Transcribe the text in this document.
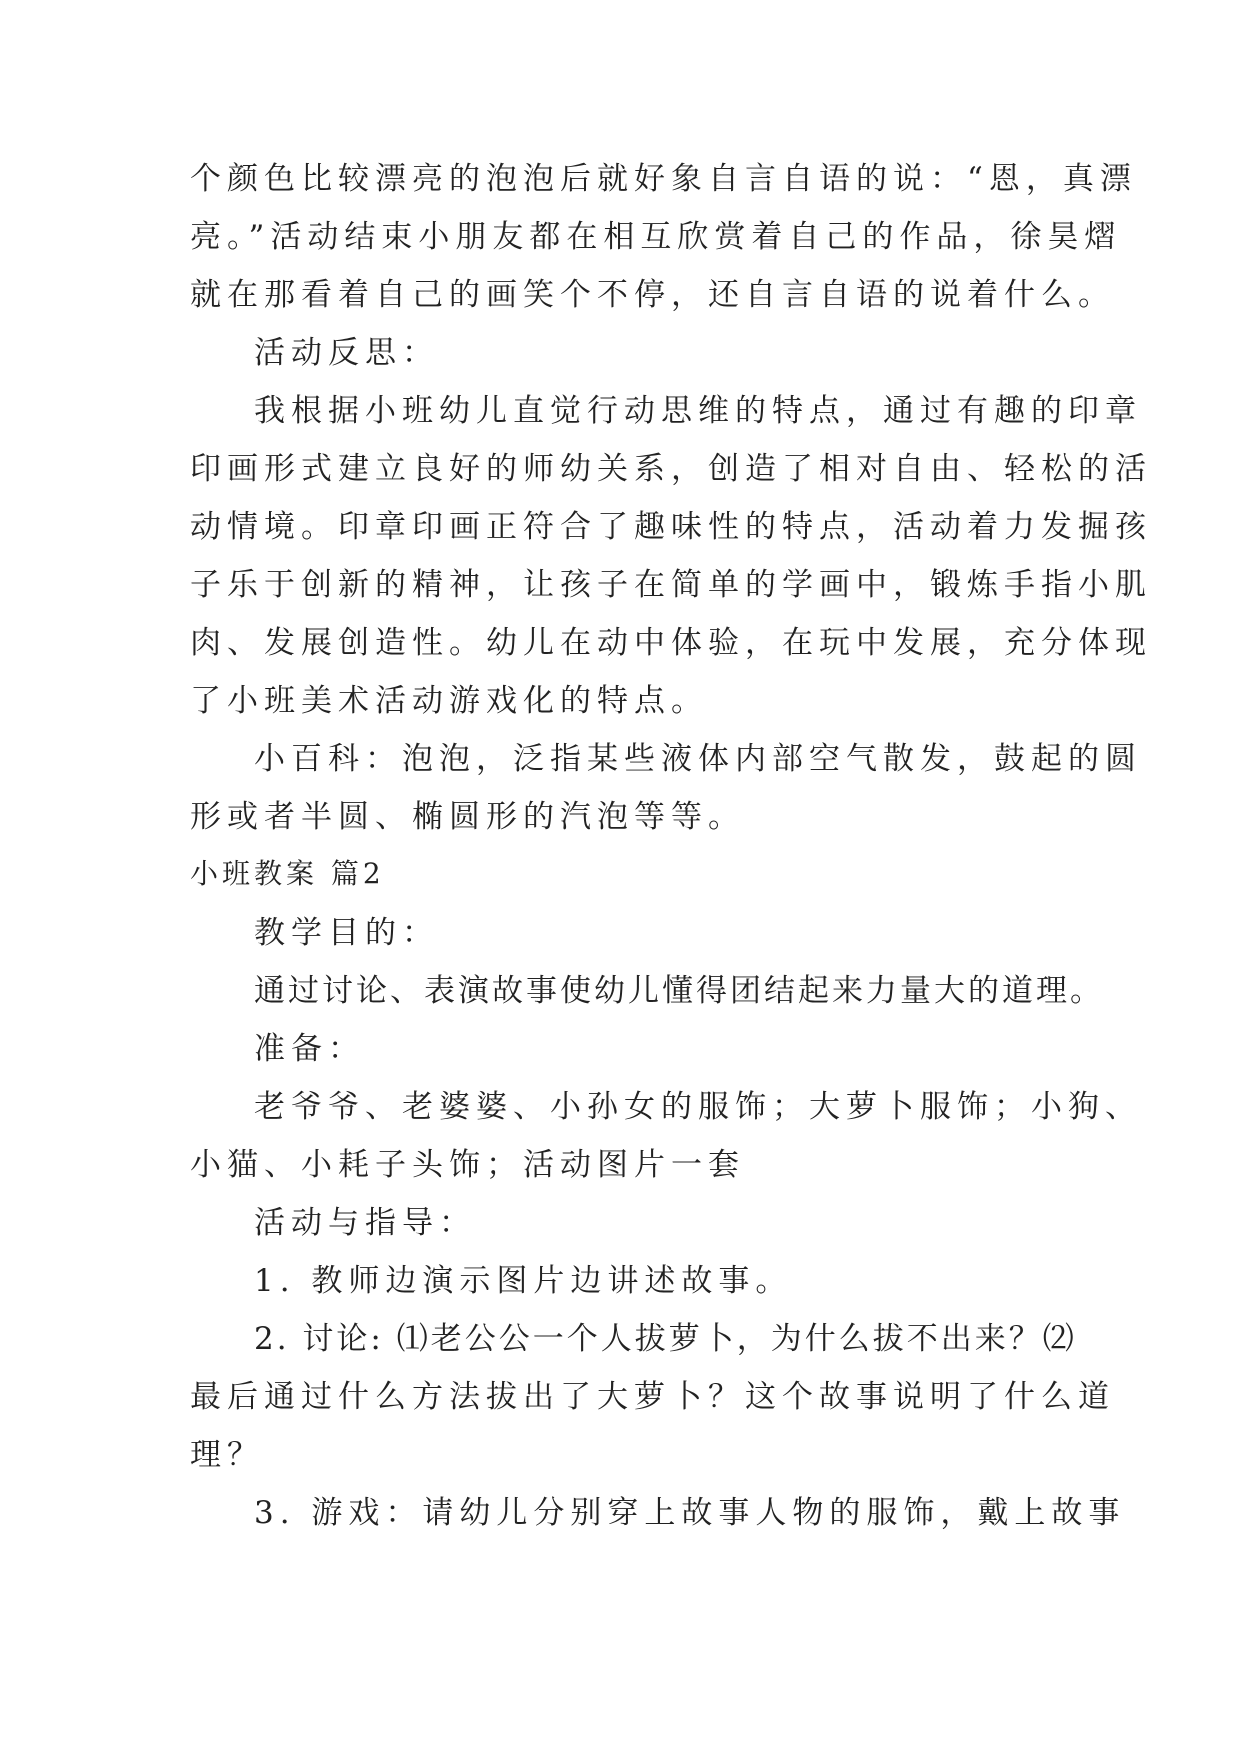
个颜色比较漂亮的泡泡后就好象自言自语的说：“恩，真漂
亮。”活动结束小朋友都在相互欣赏着自己的作品，徐昊熠
就在那看着自己的画笑个不停，还自言自语的说着什么。
活动反思：
我根据小班幼儿直觉行动思维的特点，通过有趣的印章
印画形式建立良好的师幼关系，创造了相对自由、轻松的活
动情境。印章印画正符合了趣味性的特点，活动着力发掘孩
子乐于创新的精神，让孩子在简单的学画中，锻炼手指小肌
肉、发展创造性。幼儿在动中体验，在玩中发展，充分体现
了小班美术活动游戏化的特点。
小百科：泡泡，泛指某些液体内部空气散发，鼓起的圆
形或者半圆、椭圆形的汽泡等等。
小班教案 篇2
教学目的：
通过讨论、表演故事使幼儿懂得团结起来力量大的道理。
准备：
老爷爷、老婆婆、小孙女的服饰；大萝卜服饰；小狗、
小猫、小耗子头饰；活动图片一套
活动与指导：
1. 教师边演示图片边讲述故事。
2. 讨论: ⑴老公公一个人拔萝卜，为什么拔不出来？⑵
最后通过什么方法拔出了大萝卜？这个故事说明了什么道
理？
3. 游戏：请幼儿分别穿上故事人物的服饰，戴上故事
